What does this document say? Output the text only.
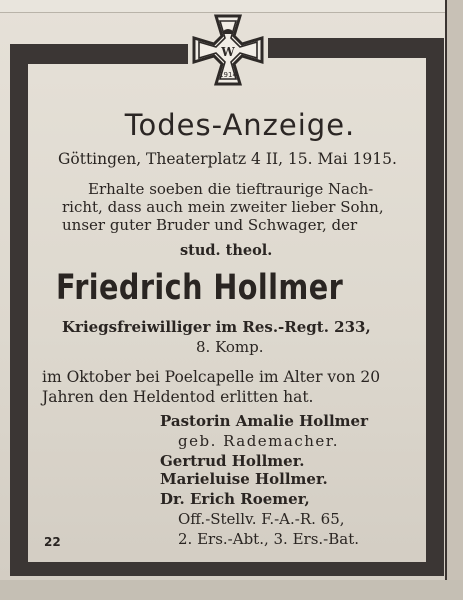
W
1914
Todes-Anzeige.
Göttingen, Theaterplatz 4 II, 15. Mai 1915.
Erhalte soeben die tieftraurige Nach-
richt, dass auch mein zweiter lieber Sohn,
unser guter Bruder und Schwager, der
stud. theol.
Friedrich Hollmer
Kriegsfreiwilliger im Res.-Regt. 233,
8. Komp.
im Oktober bei Poelcapelle im Alter von 20
Jahren den Heldentod erlitten hat.
Pastorin Amalie Hollmer
geb. Rademacher.
Gertrud Hollmer.
Marieluise Hollmer.
Dr. Erich Roemer,
Off.-Stellv. F.-A.-R. 65,
2. Ers.-Abt., 3. Ers.-Bat.
22
